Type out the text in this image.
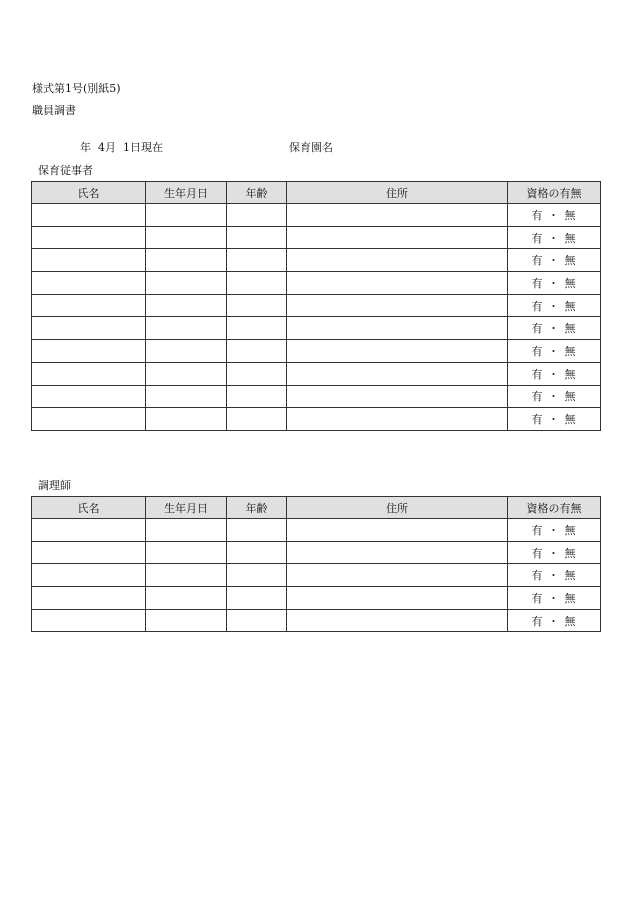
様式第1号(別紙5)
職員調書
年  4月  1日現在	保育園名
保育従事者
氏名	生年月日	年齢	住所	資格の有無
				有 ・ 無
				有 ・ 無
				有 ・ 無
				有 ・ 無
				有 ・ 無
				有 ・ 無
				有 ・ 無
				有 ・ 無
				有 ・ 無
				有 ・ 無
調理師
氏名	生年月日	年齢	住所	資格の有無
				有 ・ 無
				有 ・ 無
				有 ・ 無
				有 ・ 無
				有 ・ 無
